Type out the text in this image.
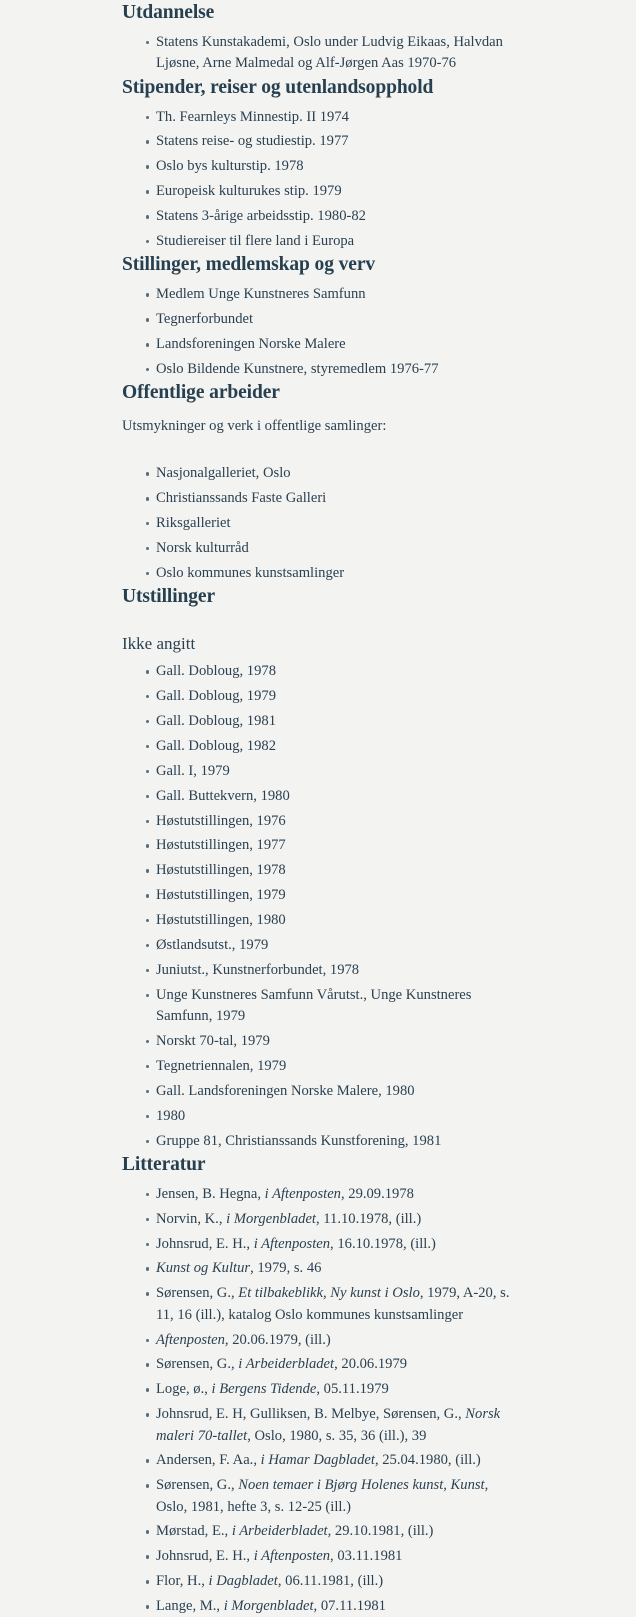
Utdannelse
Statens Kunstakademi, Oslo under Ludvig Eikaas, Halvdan Ljøsne, Arne Malmedal og Alf-Jørgen Aas 1970-76
Stipender, reiser og utenlandsopphold
Th. Fearnleys Minnestip. II 1974
Statens reise- og studiestip. 1977
Oslo bys kulturstip. 1978
Europeisk kulturukes stip. 1979
Statens 3-årige arbeidsstip. 1980-82
Studiereiser til flere land i Europa
Stillinger, medlemskap og verv
Medlem Unge Kunstneres Samfunn
Tegnerforbundet
Landsforeningen Norske Malere
Oslo Bildende Kunstnere, styremedlem 1976-77
Offentlige arbeider

Utsmykninger og verk i offentlige samlinger:

Nasjonalgalleriet, Oslo
Christianssands Faste Galleri
Riksgalleriet
Norsk kulturråd
Oslo kommunes kunstsamlinger
Utstillinger
Ikke angitt
Gall. Dobloug, 1978
Gall. Dobloug, 1979
Gall. Dobloug, 1981
Gall. Dobloug, 1982
Gall. I, 1979
Gall. Buttekvern, 1980
Høstutstillingen, 1976
Høstutstillingen, 1977
Høstutstillingen, 1978
Høstutstillingen, 1979
Høstutstillingen, 1980
Østlandsutst., 1979
Juniutst., Kunstnerforbundet, 1978
Unge Kunstneres Samfunn Vårutst., Unge Kunstneres Samfunn, 1979
Norskt 70-tal, 1979
Tegnetriennalen, 1979
Gall. Landsforeningen Norske Malere, 1980
1980
Gruppe 81, Christianssands Kunstforening, 1981
Litteratur
Jensen, B. Hegna, i Aftenposten, 29.09.1978
Norvin, K., i Morgenbladet, 11.10.1978, (ill.)
Johnsrud, E. H., i Aftenposten, 16.10.1978, (ill.)
Kunst og Kultur, 1979, s. 46
Sørensen, G., Et tilbakeblikk, Ny kunst i Oslo, 1979, A-20, s. 11, 16 (ill.), katalog Oslo kommunes kunstsamlinger
Aftenposten, 20.06.1979, (ill.)
Sørensen, G., i Arbeiderbladet, 20.06.1979
Loge, ø., i Bergens Tidende, 05.11.1979
Johnsrud, E. H, Gulliksen, B. Melbye, Sørensen, G., Norsk maleri 70-tallet, Oslo, 1980, s. 35, 36 (ill.), 39
Andersen, F. Aa., i Hamar Dagbladet, 25.04.1980, (ill.)
Sørensen, G., Noen temaer i Bjørg Holenes kunst, Kunst, Oslo, 1981, hefte 3, s. 12-25 (ill.)
Mørstad, E., i Arbeiderbladet, 29.10.1981, (ill.)
Johnsrud, E. H., i Aftenposten, 03.11.1981
Flor, H., i Dagbladet, 06.11.1981, (ill.)
Lange, M., i Morgenbladet, 07.11.1981
